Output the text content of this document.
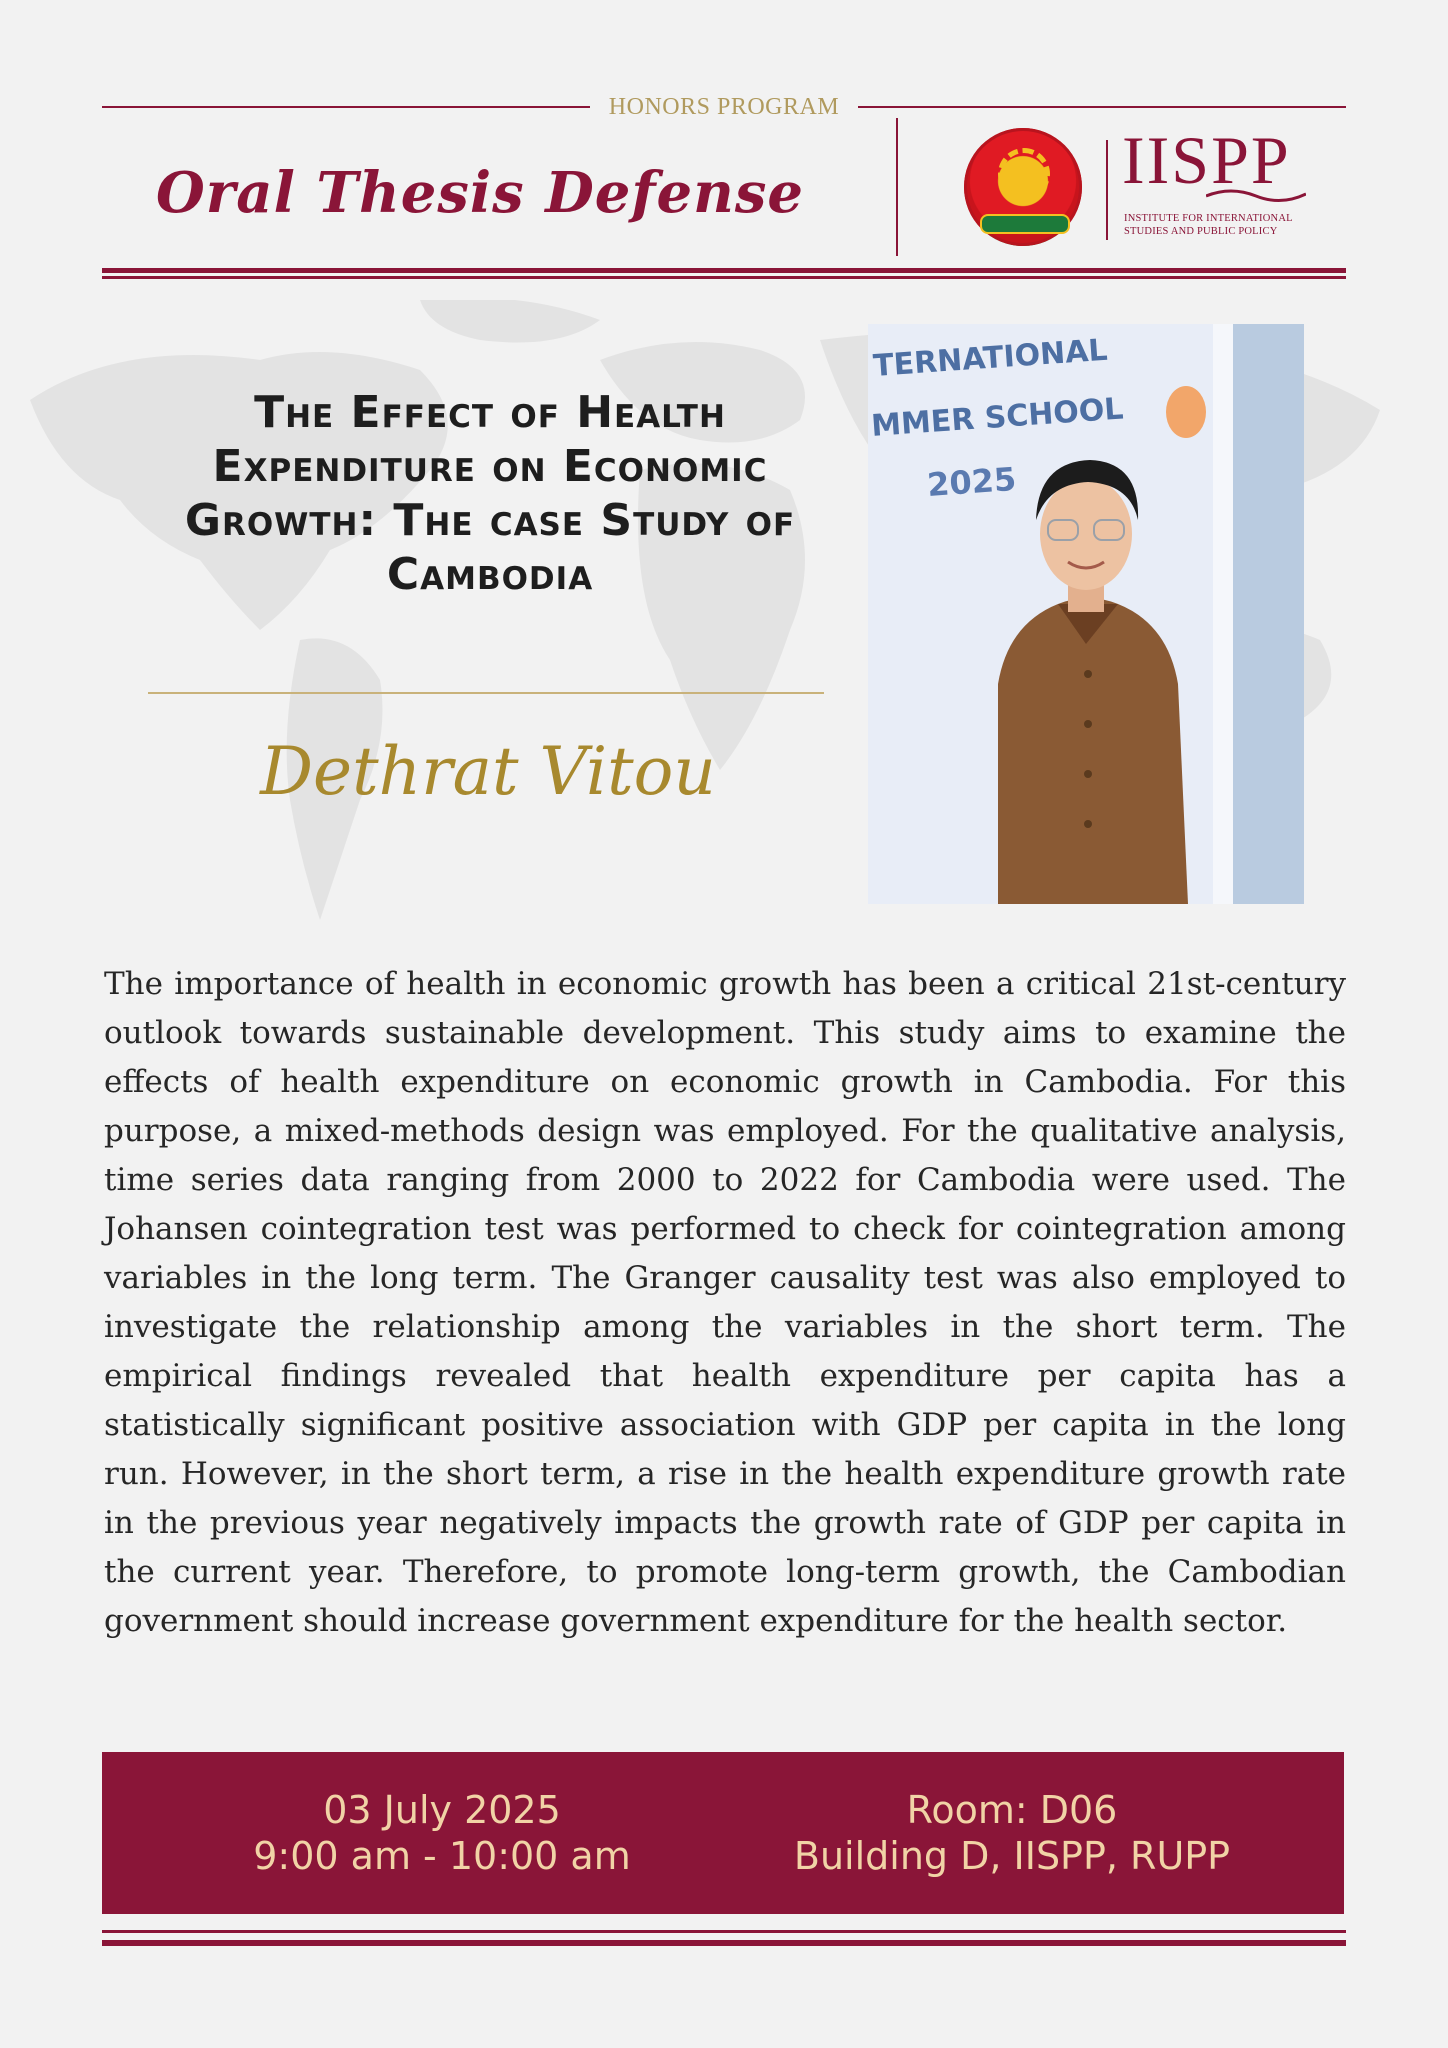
HONORS PROGRAM
Oral Thesis Defense	IISPP
INSTITUTE FOR INTERNATIONAL
STUDIES AND PUBLIC POLICY
The Effect of Health
Expenditure on Economic
Growth: The case Study of
Cambodia
Dethrat Vitou
TERNATIONAL
MMER SCHOOL
2025

The importance of health in economic growth has been a critical 21st-century outlook towards sustainable development. This study aims to examine the effects of health expenditure on economic growth in Cambodia. For this purpose, a mixed-methods design was employed. For the qualitative analysis, time series data ranging from 2000 to 2022 for Cambodia were used. The Johansen cointegration test was performed to check for cointegration among variables in the long term. The Granger causality test was also employed to investigate the relationship among the variables in the short term. The empirical findings revealed that health expenditure per capita has a statistically significant positive association with GDP per capita in the long run. However, in the short term, a rise in the health expenditure growth rate in the previous year negatively impacts the growth rate of GDP per capita in the current year. Therefore, to promote long-term growth, the Cambodian government should increase government expenditure for the health sector.

03 July 2025
9:00 am - 10:00 am
Room: D06
Building D, IISPP, RUPP
